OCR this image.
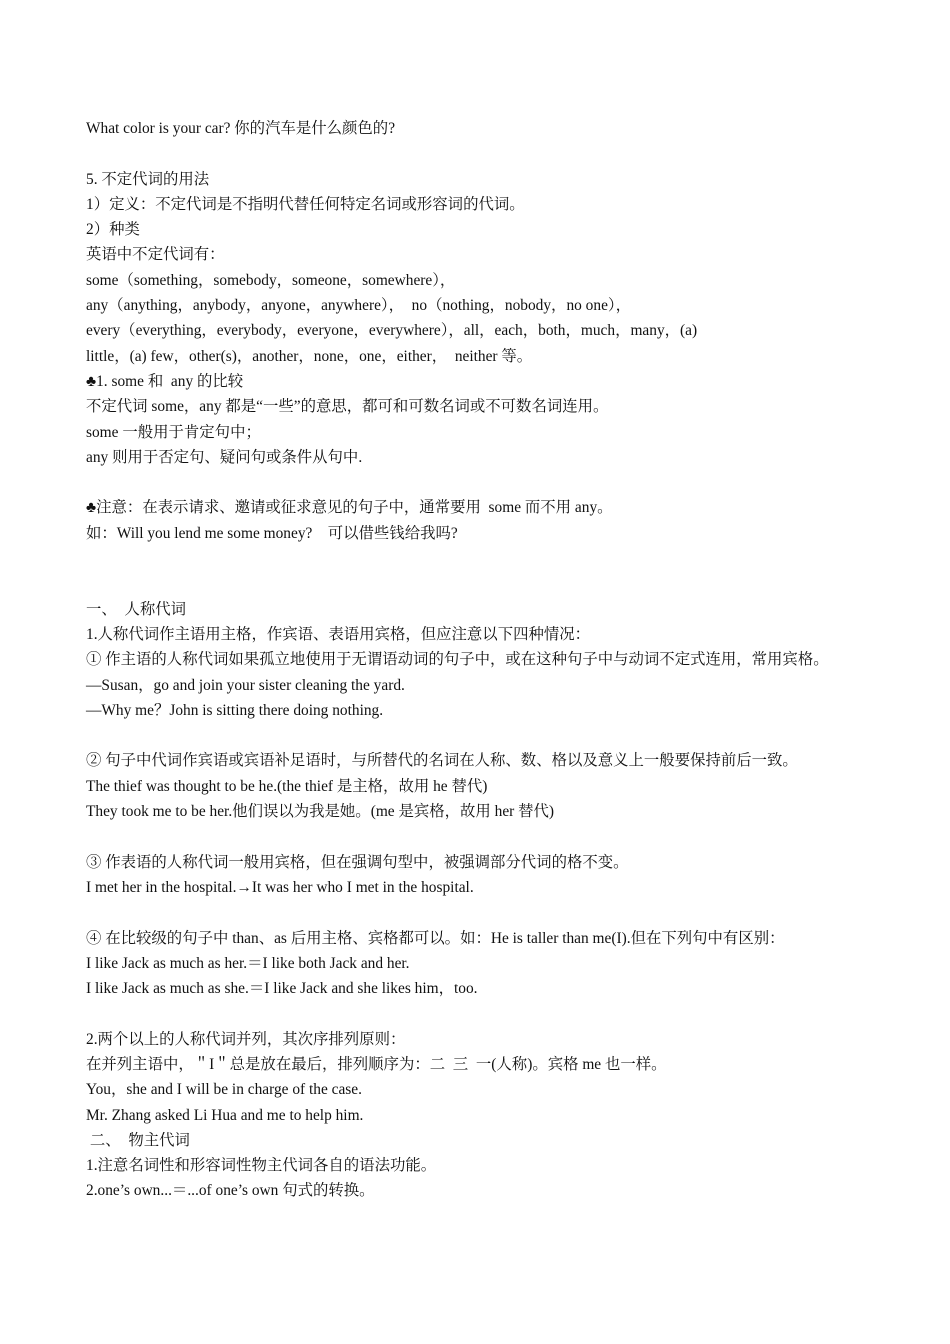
What color is your car? 你的汽车是什么颜色的?
5. 不定代词的用法
1）定义：不定代词是不指明代替任何特定名词或形容词的代词。
2）种类
英语中不定代词有：
some（something，somebody，someone，somewhere），
any（anything，anybody，anyone，anywhere），  no（nothing，nobody，no one），
every（everything，everybody，everyone，everywhere），all，each，both，much，many，(a)
little，(a) few，other(s)，another，none，one，either，  neither 等。
♣1. some 和  any 的比较
不定代词 some，any 都是“一些”的意思，都可和可数名词或不可数名词连用。
some 一般用于肯定句中；
any 则用于否定句、疑问句或条件从句中.
♣注意：在表示请求、邀请或征求意见的句子中，通常要用  some 而不用 any。
如：Will you lend me some money?    可以借些钱给我吗?
一、  人称代词
1.人称代词作主语用主格，作宾语、表语用宾格，但应注意以下四种情况：
① 作主语的人称代词如果孤立地使用于无谓语动词的句子中，或在这种句子中与动词不定式连用，常用宾格。
—Susan，go and join your sister cleaning the yard.
—Why me？John is sitting there doing nothing.
② 句子中代词作宾语或宾语补足语时，与所替代的名词在人称、数、格以及意义上一般要保持前后一致。
The thief was thought to be he.(the thief 是主格，故用 he 替代)
They took me to be her.他们误以为我是她。(me 是宾格，故用 her 替代)
③ 作表语的人称代词一般用宾格，但在强调句型中，被强调部分代词的格不变。
I met her in the hospital.→It was her who I met in the hospital.
④ 在比较级的句子中 than、as 后用主格、宾格都可以。如：He is taller than me(I).但在下列句中有区别：
I like Jack as much as her.＝I like both Jack and her.
I like Jack as much as she.＝I like Jack and she likes him，too.
2.两个以上的人称代词并列，其次序排列原则：
在并列主语中，＂I＂总是放在最后，排列顺序为：二  三  一(人称)。宾格 me 也一样。
You，she and I will be in charge of the case.
Mr. Zhang asked Li Hua and me to help him.
二、  物主代词
1.注意名词性和形容词性物主代词各自的语法功能。
2.one’s own...＝...of one’s own 句式的转换。
